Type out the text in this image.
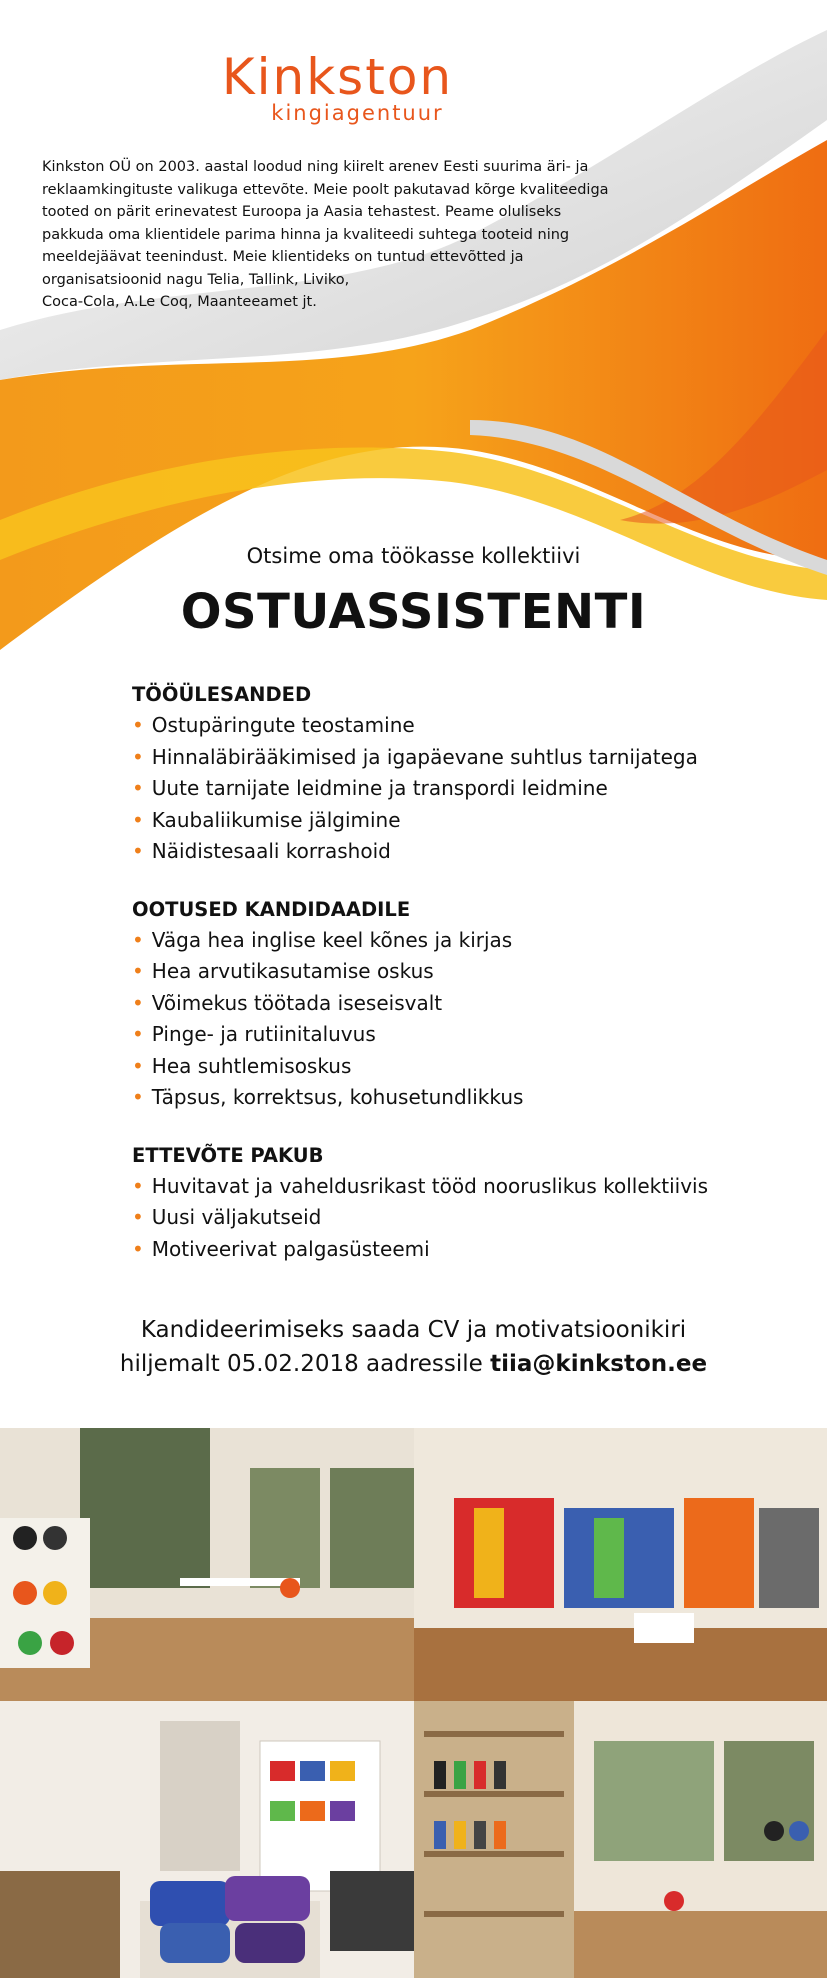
Kinkston
kingiagentuur

Kinkston OÜ on 2003. aastal loodud ning kiirelt arenev Eesti suurima äri- ja

reklaamkingituste valikuga ettevõte. Meie poolt pakutavad kõrge kvaliteediga

tooted on pärit erinevatest Euroopa ja Aasia tehastest. Peame oluliseks

pakkuda oma klientidele parima hinna ja kvaliteedi suhtega tooteid ning

meeldejäävat teenindust. Meie klientideks on tuntud ettevõtted ja

organisatsioonid nagu Telia, Tallink, Liviko,

Coca-Cola, A.Le Coq, Maanteeamet jt.

Otsime oma töökasse kollektiivi
OSTUASSISTENTI
TÖÖÜLESANDED
• Ostupäringute teostamine
• Hinnaläbirääkimised ja igapäevane suhtlus tarnijatega
• Uute tarnijate leidmine ja transpordi leidmine
• Kaubaliikumise jälgimine
• Näidistesaali korrashoid
OOTUSED KANDIDAADILE
• Väga hea inglise keel kõnes ja kirjas
• Hea arvutikasutamise oskus
• Võimekus töötada iseseisvalt
• Pinge- ja rutiinitaluvus
• Hea suhtlemisoskus
• Täpsus, korrektsus, kohusetundlikkus
ETTEVÕTE PAKUB
• Huvitavat ja vaheldusrikast tööd nooruslikus kollektiivis
• Uusi väljakutseid
• Motiveerivat palgasüsteemi
Kandideerimiseks saada CV ja motivatsioonikiri
hiljemalt 05.02.2018 aadressile tiia@kinkston.ee
